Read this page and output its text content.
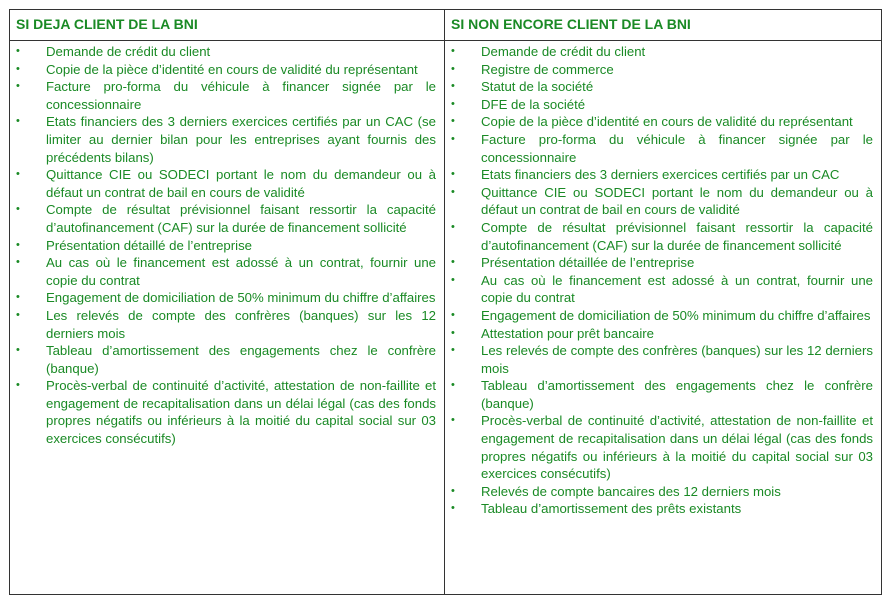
SI DEJA CLIENT DE LA BNI	SI NON ENCORE CLIENT DE LA BNI
• Demande de crédit du client
• Copie de la pièce d’identité en cours de validité du représentant
• Facture pro-forma du véhicule à financer signée par le concessionnaire
• Etats financiers des 3 derniers exercices certifiés par un CAC (se limiter au dernier bilan pour les entreprises ayant fournis des précédents bilans)
• Quittance CIE ou SODECI portant le nom du demandeur ou à défaut un contrat de bail en cours de validité
• Compte de résultat prévisionnel faisant ressortir la capacité d’autofinancement (CAF) sur la durée de financement sollicité
• Présentation détaillé de l’entreprise
• Au cas où le financement est adossé à un contrat, fournir une copie du contrat
• Engagement de domiciliation de 50% minimum du chiffre d’affaires
• Les relevés de compte des confrères (banques) sur les 12 derniers mois
• Tableau d’amortissement des engagements chez le confrère (banque)
• Procès-verbal de continuité d’activité, attestation de non-faillite et engagement de recapitalisation dans un délai légal (cas des fonds propres négatifs ou inférieurs à la moitié du capital social sur 03 exercices consécutifs)
• Demande de crédit du client
• Registre de commerce
• Statut de la société
• DFE de la société
• Copie de la pièce d’identité en cours de validité du représentant
• Facture pro-forma du véhicule à financer signée par le concessionnaire
• Etats financiers des 3 derniers exercices certifiés par un CAC
• Quittance CIE ou SODECI portant le nom du demandeur ou à défaut un contrat de bail en cours de validité
• Compte de résultat prévisionnel faisant ressortir la capacité d’autofinancement (CAF) sur la durée de financement sollicité
• Présentation détaillée de l’entreprise
• Au cas où le financement est adossé à un contrat, fournir une copie du contrat
• Engagement de domiciliation de 50% minimum du chiffre d’affaires
• Attestation pour prêt bancaire
• Les relevés de compte des confrères (banques) sur les 12 derniers mois
• Tableau d’amortissement des engagements chez le confrère (banque)
• Procès-verbal de continuité d’activité, attestation de non-faillite et engagement de recapitalisation dans un délai légal (cas des fonds propres négatifs ou inférieurs à la moitié du capital social sur 03 exercices consécutifs)
• Relevés de compte bancaires des 12 derniers mois
• Tableau d’amortissement des prêts existants
